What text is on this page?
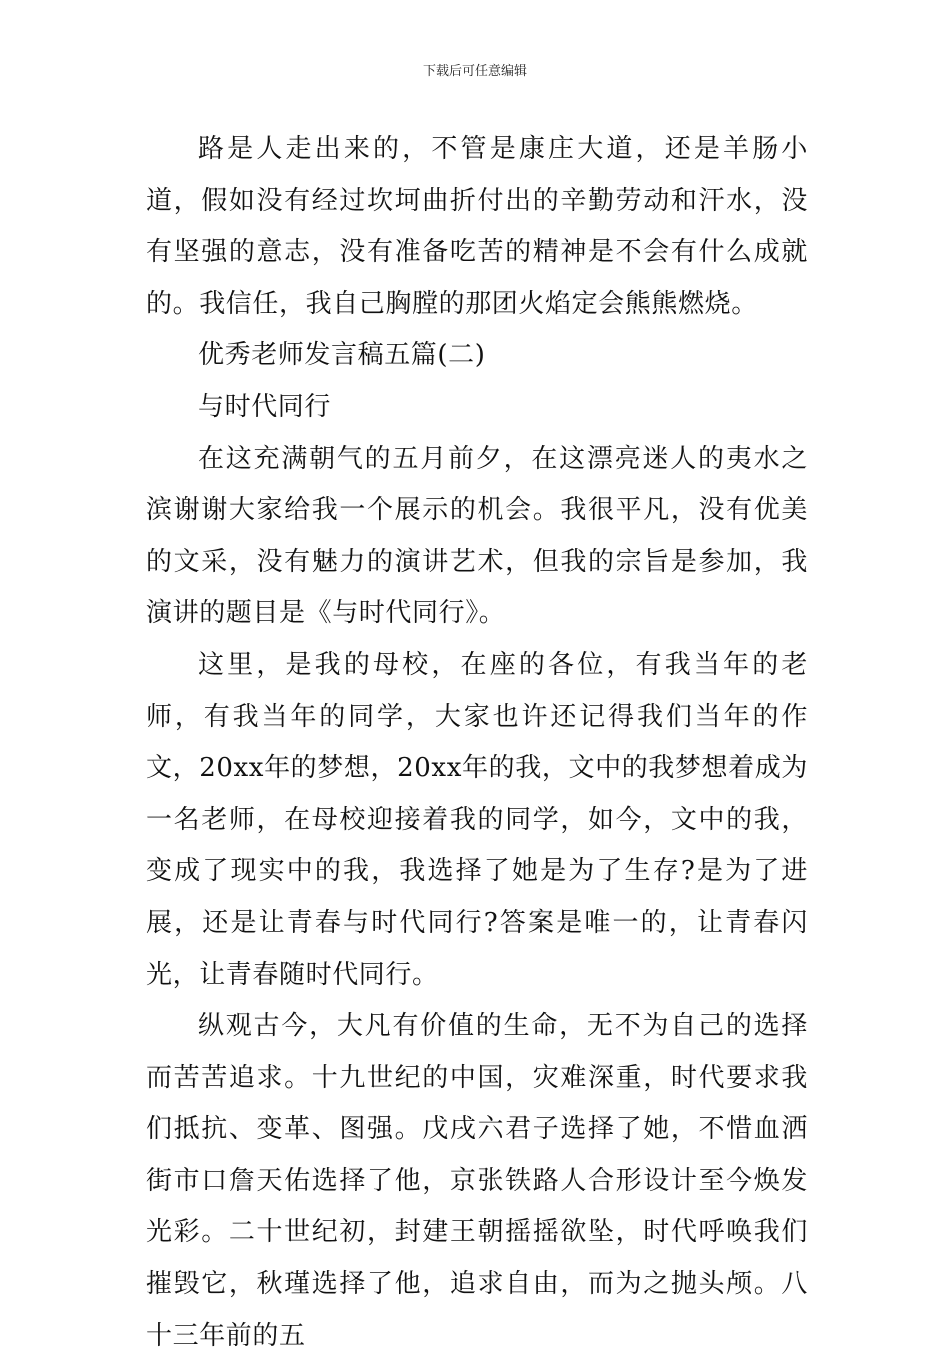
下载后可任意编辑

路是人走出来的，不管是康庄大道，还是羊肠小道，假如没有经过坎坷曲折付出的辛勤劳动和汗水，没有坚强的意志，没有准备吃苦的精神是不会有什么成就的。我信任，我自己胸膛的那团火焰定会熊熊燃烧。

优秀老师发言稿五篇(二)

与时代同行

在这充满朝气的五月前夕，在这漂亮迷人的夷水之滨谢谢大家给我一个展示的机会。我很平凡，没有优美的文采，没有魅力的演讲艺术，但我的宗旨是参加，我演讲的题目是《与时代同行》。

这里，是我的母校，在座的各位，有我当年的老师，有我当年的同学，大家也许还记得我们当年的作文，20xx年的梦想，20xx年的我，文中的我梦想着成为一名老师，在母校迎接着我的同学，如今，文中的我，变成了现实中的我，我选择了她是为了生存?是为了进展，还是让青春与时代同行?答案是唯一的，让青春闪光，让青春随时代同行。

纵观古今，大凡有价值的生命，无不为自己的选择而苦苦追求。十九世纪的中国，灾难深重，时代要求我们抵抗、变革、图强。戊戌六君子选择了她，不惜血洒街市口詹天佑选择了他，京张铁路人合形设计至今焕发光彩。二十世纪初，封建王朝摇摇欲坠，时代呼唤我们摧毁它，秋瑾选择了他，追求自由，而为之抛头颅。八十三年前的五
